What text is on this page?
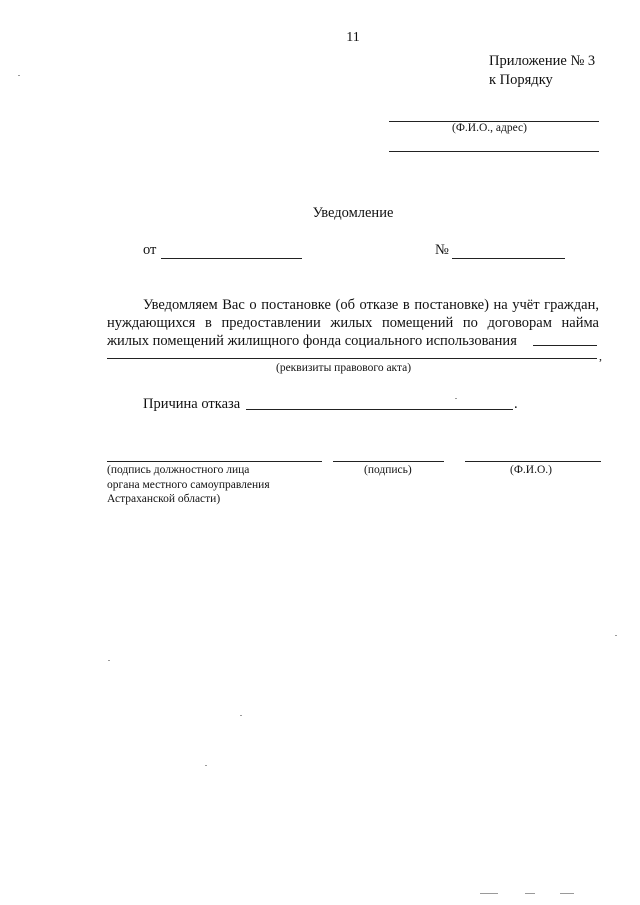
11
Приложение № 3
к Порядку
(Ф.И.О., адрес)
Уведомление
от	№
Уведомляем Вас о постановке (об отказе в постановке) на учёт граждан, нуждающихся в предоставлении жилых помещений по договорам найма жилых помещений жилищного фонда социального использования
,
(реквизиты правового акта)
Причина отказа	.
(подпись должностного лица
органа местного самоуправления
Астраханской области)
(подпись)	(Ф.И.О.)
